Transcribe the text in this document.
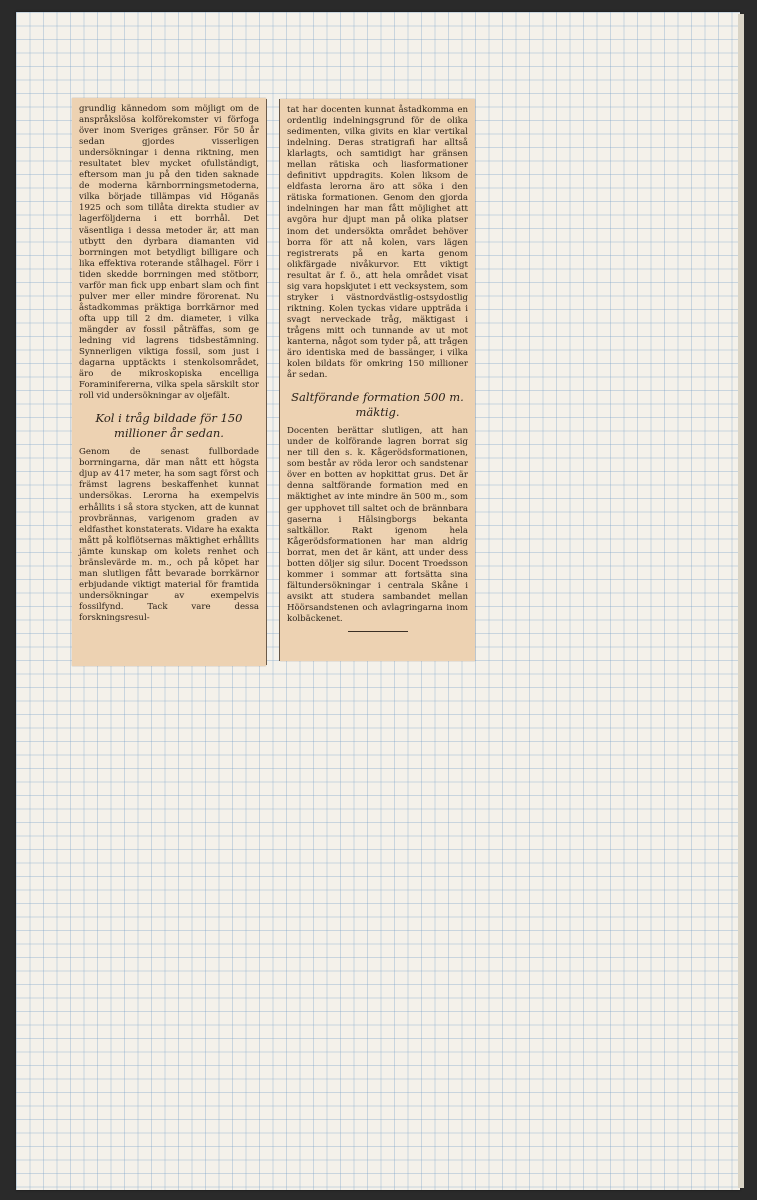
grundlig kännedom som möjligt om de anspråkslösa kolförekomster vi förfoga över inom Sveriges gränser. För 50 år sedan gjordes visserligen undersökningar i denna riktning, men resultatet blev mycket ofullständigt, eftersom man ju på den tiden saknade de moderna kärnborrningsmetoderna, vilka började tillämpas vid Höganäs 1925 och som tillåta direkta studier av lagerföljderna i ett borrhål. Det väsentliga i dessa metoder är, att man utbytt den dyrbara diamanten vid borrningen mot betydligt billigare och lika effektiva roterande stålhagel. Förr i tiden skedde borrningen med stötborr, varför man fick upp enbart slam och fint pulver mer eller mindre förorenat. Nu åstadkommas präktiga borrkärnor med ofta upp till 2 dm. diameter, i vilka mängder av fossil påträffas, som ge ledning vid lagrens tidsbestämning. Synnerligen viktiga fossil, som just i dagarna upptäckts i stenkolsområdet, äro de mikroskopiska encelliga Foraminifererna, vilka spela särskilt stor roll vid undersökningar av oljefält.

Kol i tråg bildade för 150 millioner år sedan.

Genom de senast fullbordade borrningarna, där man nått ett högsta djup av 417 meter, ha som sagt först och främst lagrens beskaffenhet kunnat undersökas. Lerorna ha exempelvis erhållits i så stora stycken, att de kunnat provbrännas, varigenom graden av eldfasthet konstaterats. Vidare ha exakta mått på kolflötsernas mäktighet erhållits jämte kunskap om kolets renhet och bränslevärde m. m., och på köpet har man slutligen fått bevarade borrkärnor erbjudande viktigt material för framtida undersökningar av exempelvis fossilfynd. Tack vare dessa forskningsresul-

tat har docenten kunnat åstadkomma en ordentlig indelningsgrund för de olika sedimenten, vilka givits en klar vertikal indelning. Deras stratigrafi har alltså klarlagts, och samtidigt har gränsen mellan rätiska och liasformationer definitivt uppdragits. Kolen liksom de eldfasta lerorna äro att söka i den rätiska formationen. Genom den gjorda indelningen har man fått möjlighet att avgöra hur djupt man på olika platser inom det undersökta området behöver borra för att nå kolen, vars lägen registrerats på en karta genom olikfärgade nivåkurvor. Ett viktigt resultat är f. ö., att hela området visat sig vara hopskjutet i ett vecksystem, som stryker i västnordvästlig-ostsydostlig riktning. Kolen tyckas vidare uppträda i svagt nerveckade tråg, mäktigast i trågens mitt och tunnande av ut mot kanterna, något som tyder på, att trågen äro identiska med de bassänger, i vilka kolen bildats för omkring 150 millioner år sedan.

Saltförande formation 500 m. mäktig.

Docenten berättar slutligen, att han under de kolförande lagren borrat sig ner till den s. k. Kågerödsformationen, som består av röda leror och sandstenar över en botten av hopkittat grus. Det är denna saltförande formation med en mäktighet av inte mindre än 500 m., som ger upphovet till saltet och de brännbara gaserna i Hälsingborgs bekanta saltkällor. Rakt igenom hela Kågerödsformationen har man aldrig borrat, men det är känt, att under dess botten döljer sig silur. Docent Troedsson kommer i sommar att fortsätta sina fältundersökningar i centrala Skåne i avsikt att studera sambandet mellan Höörsandstenen och avlagringarna inom kolbäckenet.
